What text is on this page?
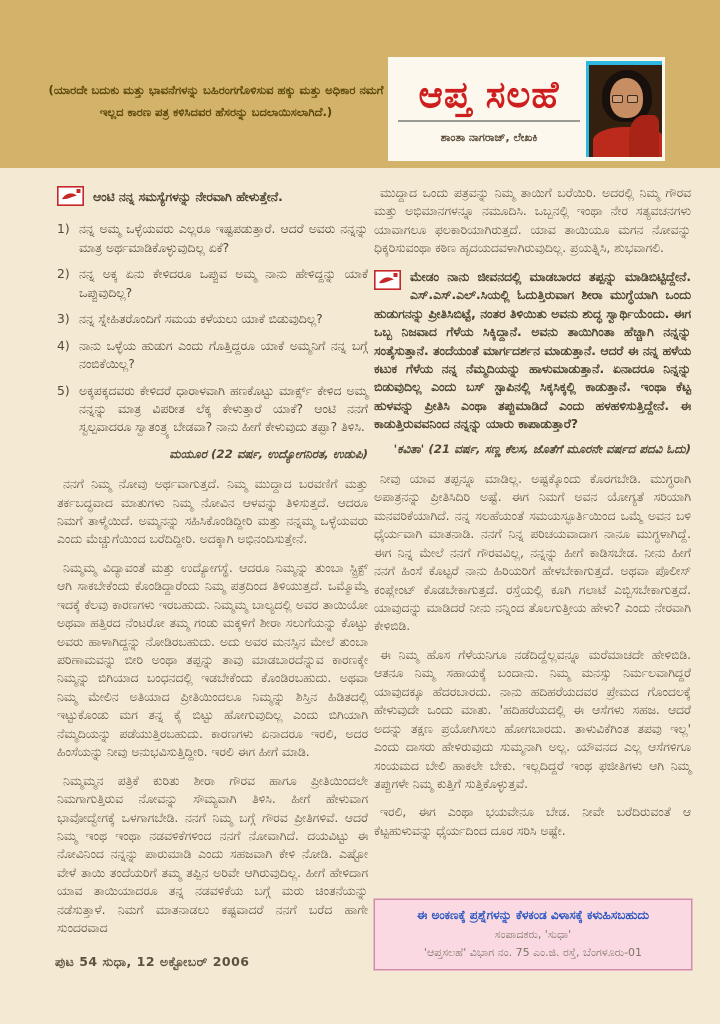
(ಯಾರದೇ ಬದುಕು ಮತ್ತು ಭಾವನೆಗಳನ್ನು ಬಹಿರಂಗಗೊಳಿಸುವ ಹಕ್ಕು ಮತ್ತು ಅಧಿಕಾರ ನಮಗೆ ಇಲ್ಲದ ಕಾರಣ ಪತ್ರ ಕಳಿಸಿದವರ ಹೆಸರನ್ನು ಬದಲಾಯಿಸಲಾಗಿದೆ.)	ಆಪ್ತ ಸಲಹೆ
ಶಾಂತಾ ನಾಗರಾಜ್, ಲೇಖಕಿ
ಆಂಟಿ ನನ್ನ ಸಮಸ್ಯೆಗಳನ್ನು ನೇರವಾಗಿ ಹೇಳುತ್ತೇನೆ.
1) ನನ್ನ ಅಮ್ಮ ಒಳ್ಳೆಯವರು ಎಲ್ಲರೂ ಇಷ್ಟಪಡುತ್ತಾರೆ. ಆದರೆ ಅವರು ನನ್ನನ್ನು ಮಾತ್ರ ಅರ್ಥಮಾಡಿಕೊಳ್ಳುವುದಿಲ್ಲ ಏಕೆ?
2) ನನ್ನ ಅಕ್ಕ ಏನು ಕೇಳಿದರೂ ಒಪ್ಪುವ ಅಮ್ಮ ನಾನು ಹೇಳಿದ್ದನ್ನು ಯಾಕೆ ಒಪ್ಪುವುದಿಲ್ಲ?
3) ನನ್ನ ಸ್ನೇಹಿತರೊಂದಿಗೆ ಸಮಯ ಕಳೆಯಲು ಯಾಕೆ ಬಿಡುವುದಿಲ್ಲ?
4) ನಾನು ಒಳ್ಳೆಯ ಹುಡುಗ ಎಂದು ಗೊತ್ತಿದ್ದರೂ ಯಾಕೆ ಅಮ್ಮನಿಗೆ ನನ್ನ ಬಗ್ಗೆ ನಂಬಿಕೆಯಿಲ್ಲ?
5) ಅಕ್ಕಪಕ್ಕದವರು ಕೇಳಿದರೆ ಧಾರಾಳವಾಗಿ ಹಣಕೊಟ್ಟು ಮಾರ್ಕ್ಸ್ ಕೇಳಿದ ಅಮ್ಮ ನನ್ನನ್ನು ಮಾತ್ರ ವಿಪರೀತ ಲೆಕ್ಕ ಕೇಳುತ್ತಾರೆ ಯಾಕೆ? ಆಂಟಿ ನನಗೆ ಸ್ವಲ್ಪವಾದರೂ ಸ್ವಾತಂತ್ರ್ಯ ಬೇಡವಾ? ನಾನು ಹೀಗೆ ಕೇಳುವುದು ತಪ್ಪಾ? ತಿಳಿಸಿ.
ಮಯೂರ (22 ವರ್ಷ, ಉದ್ಯೋಗನಿರತ, ಉಡುಪಿ)

ನನಗೆ ನಿಮ್ಮ ನೋವು ಅರ್ಥವಾಗುತ್ತದೆ. ನಿಮ್ಮ ಮುದ್ದಾದ ಬರವಣಿಗೆ ಮತ್ತು ತರ್ಕಬದ್ಧವಾದ ಮಾತುಗಳು ನಿಮ್ಮ ನೋವಿನ ಆಳವನ್ನು ತಿಳಿಸುತ್ತದೆ. ಆದರೂ ನಿಮಗೆ ತಾಳ್ಮೆಯಿದೆ. ಅಮ್ಮನನ್ನು ಸಹಿಸಿಕೊಂಡಿದ್ದೀರಿ ಮತ್ತು ನನ್ನಮ್ಮ ಒಳ್ಳೆಯವರು ಎಂದು ಮೆಚ್ಚುಗೆಯಿಂದ ಬರೆದಿದ್ದೀರಿ. ಅದಕ್ಕಾಗಿ ಅಭಿನಂದಿಸುತ್ತೇನೆ.

ನಿಮ್ಮಮ್ಮ ವಿದ್ಯಾವಂತೆ ಮತ್ತು ಉದ್ಯೋಗಸ್ಥೆ. ಆದರೂ ನಿಮ್ಮನ್ನು ತುಂಬಾ ಸ್ಟ್ರಿಕ್ಟ್ ಆಗಿ ಸಾಕಬೇಕೆಂದು ಕೊಂಡಿದ್ದಾರೆಂದು ನಿಮ್ಮ ಪತ್ರದಿಂದ ತಿಳಿಯುತ್ತದೆ. ಒಮ್ಮೊಮ್ಮೆ ಇದಕ್ಕೆ ಕೆಲವು ಕಾರಣಗಳು ಇರಬಹುದು. ನಿಮ್ಮಮ್ಮ ಬಾಲ್ಯದಲ್ಲಿ ಅವರ ತಾಯಿಯೋ ಅಥವಾ ಹತ್ತಿರದ ನೆಂಟರೋ ತಮ್ಮ ಗಂಡು ಮಕ್ಕಳಿಗೆ ಶೀರಾ ಸಲುಗೆಯನ್ನು ಕೊಟ್ಟು ಅವರು ಹಾಳಾಗಿದ್ದನ್ನು ನೋಡಿರಬಹುದು. ಅದು ಅವರ ಮನಸ್ಸಿನ ಮೇಲೆ ತುಂಬಾ ಪರಿಣಾಮವನ್ನು ಬೀರಿ ಅಂಥಾ ತಪ್ಪನ್ನು ತಾವು ಮಾಡಬಾರದೆನ್ನುವ ಕಾರಣಕ್ಕೇ ನಿಮ್ಮನ್ನು ಬಿಗಿಯಾದ ಬಂಧನದಲ್ಲಿ ಇಡಬೇಕೆಂದು ಕೊಂಡಿರಬಹುದು. ಅಥವಾ ನಿಮ್ಮ ಮೇಲಿನ ಅತಿಯಾದ ಪ್ರೀತಿಯಿಂದಲೂ ನಿಮ್ಮನ್ನು ಶಿಸ್ತಿನ ಹಿಡಿತದಲ್ಲಿ ಇಟ್ಟುಕೊಂಡು ಮಗ ತನ್ನ ಕೈ ಬಿಟ್ಟು ಹೋಗುವುದಿಲ್ಲ ಎಂದು ಬಿಗಿಯಾಗಿ ನೆಮ್ಮದಿಯನ್ನು ಪಡೆಯುತ್ತಿರಬಹುದು. ಕಾರಣಗಳು ಏನಾದರೂ ಇರಲಿ, ಅದರ ಹಿಂಸೆಯನ್ನು ನೀವು ಅನುಭವಿಸುತ್ತಿದ್ದೀರಿ. ಇರಲಿ ಈಗ ಹೀಗೆ ಮಾಡಿ.

ನಿಮ್ಮಮ್ಮನ ಪತ್ರಿಕೆ ಕುರಿತು ಶೀರಾ ಗೌರವ ಹಾಗೂ ಪ್ರೀತಿಯಿಂದಲೇ ನಿಮಗಾಗುತ್ತಿರುವ ನೋವನ್ನು ಸೌಮ್ಯವಾಗಿ ತಿಳಿಸಿ. ಹೀಗೆ ಹೇಳುವಾಗ ಭಾವೋದ್ವೇಗಕ್ಕೆ ಒಳಗಾಗಬೇಡಿ. ನನಗೆ ನಿಮ್ಮ ಬಗ್ಗೆ ಗೌರವ ಪ್ರೀತಿಗಳಿವೆ. ಆದರೆ ನಿಮ್ಮ ಇಂಥ ಇಂಥಾ ನಡವಳಿಕೆಗಳಿಂದ ನನಗೆ ನೋವಾಗಿದೆ. ದಯವಿಟ್ಟು ಈ ನೋವಿನಿಂದ ನನ್ನನ್ನು ಪಾರುಮಾಡಿ ಎಂದು ಸಹಜವಾಗಿ ಕೇಳಿ ನೋಡಿ. ಎಷ್ಟೋ ವೇಳೆ ತಾಯಿ ತಂದೆಯರಿಗೆ ತಮ್ಮ ತಪ್ಪಿನ ಅರಿವೇ ಆಗಿರುವುದಿಲ್ಲ. ಹೀಗೆ ಹೇಳಿದಾಗ ಯಾವ ತಾಯಿಯಾದರೂ ತನ್ನ ನಡವಳಿಕೆಯ ಬಗ್ಗೆ ಮರು ಚಿಂತನೆಯನ್ನು ನಡೆಸುತ್ತಾಳೆ. ನಿಮಗೆ ಮಾತನಾಡಲು ಕಷ್ಟವಾದರೆ ನನಗೆ ಬರೆದ ಹಾಗೇ ಸುಂದರವಾದ

ಮುದ್ದಾದ ಒಂದು ಪತ್ರವನ್ನು ನಿಮ್ಮ ತಾಯಿಗೆ ಬರೆಯಿರಿ. ಅದರಲ್ಲಿ ನಿಮ್ಮ ಗೌರವ ಮತ್ತು ಅಭಿಮಾನಗಳನ್ನೂ ನಮೂದಿಸಿ. ಒಬ್ಬನಲ್ಲಿ ಇಂಥಾ ನೇರ ಸತ್ಯವಚನಗಳು ಯಾವಾಗಲೂ ಫಲಕಾರಿಯಾಗಿರುತ್ತದೆ. ಯಾವ ತಾಯಿಯೂ ಮಗನ ನೋವನ್ನು ಧಿಕ್ಕರಿಸುವಂಥಾ ಕಠಿಣ ಹೃದಯದವಳಾಗಿರುವುದಿಲ್ಲ. ಪ್ರಯತ್ನಿಸಿ, ಶುಭವಾಗಲಿ.

ಮೇಡಂ ನಾನು ಜೀವನದಲ್ಲಿ ಮಾಡಬಾರದ ತಪ್ಪನ್ನು ಮಾಡಿಬಿಟ್ಟಿದ್ದೇನೆ. ಎಸ್.ಎಸ್.ಎಲ್.ಸಿಯಲ್ಲಿ ಓದುತ್ತಿರುವಾಗ ಶೀರಾ ಮುಗ್ಧೆಯಾಗಿ ಒಂದು ಹುಡುಗನನ್ನು ಪ್ರೀತಿಸಿಬಿಟ್ಟೆ, ನಂತರ ತಿಳಿಯಿತು ಅವನು ಶುದ್ಧ ಸ್ವಾರ್ಥಿಯೆಂದು. ಈಗ ಒಬ್ಬ ನಿಜವಾದ ಗೆಳೆಯ ಸಿಕ್ಕಿದ್ದಾನೆ. ಅವನು ತಾಯಿಗಿಂತಾ ಹೆಚ್ಚಾಗಿ ನನ್ನನ್ನು ಸಂತೈಸುತ್ತಾನೆ. ತಂದೆಯಂತೆ ಮಾರ್ಗದರ್ಶನ ಮಾಡುತ್ತಾನೆ. ಆದರೆ ಈ ನನ್ನ ಹಳೆಯ ಕಟುಕ ಗೆಳೆಯ ನನ್ನ ನೆಮ್ಮದಿಯನ್ನು ಹಾಳುಮಾಡುತ್ತಾನೆ. ಏನಾದರೂ ನಿನ್ನನ್ನು ಬಿಡುವುದಿಲ್ಲ ಎಂದು ಬಸ್ ಸ್ಟಾಪಿನಲ್ಲಿ ಸಿಕ್ಕಸಿಕ್ಕಲ್ಲಿ ಕಾಡುತ್ತಾನೆ. ಇಂಥಾ ಕೆಟ್ಟ ಹುಳವನ್ನು ಪ್ರೀತಿಸಿ ಎಂಥಾ ತಪ್ಪುಮಾಡಿದೆ ಎಂದು ಹಳಹಳಿಸುತ್ತಿದ್ದೇನೆ. ಈ ಕಾಡುತ್ತಿರುವವನಿಂದ ನನ್ನನ್ನು ಯಾರು ಕಾಪಾಡುತ್ತಾರೆ?
'ಕವಿತಾ' (21 ವರ್ಷ, ಸಣ್ಣ ಕೆಲಸ, ಜೊತೆಗೆ ಮೂರನೇ ವರ್ಷದ ಪದವಿ ಓದು)

ನೀವು ಯಾವ ತಪ್ಪನ್ನೂ ಮಾಡಿಲ್ಲ. ಅಷ್ಟಕ್ಕೊಂದು ಕೊರಗಬೇಡಿ. ಮುಗ್ಧರಾಗಿ ಅಪಾತ್ರನನ್ನು ಪ್ರೀತಿಸಿದಿರಿ ಅಷ್ಟೆ. ಈಗ ನಿಮಗೆ ಅವನ ಯೋಗ್ಯತೆ ಸರಿಯಾಗಿ ಮನವರಿಕೆಯಾಗಿದೆ. ನನ್ನ ಸಲಹೆಯಂತೆ ಸಮಯಸ್ಫೂರ್ತಿಯಿಂದ ಒಮ್ಮೆ ಅವನ ಬಳಿ ಧೈರ್ಯವಾಗಿ ಮಾತನಾಡಿ. ನನಗೆ ನಿನ್ನ ಪರಿಚಯವಾದಾಗ ನಾನೂ ಮುಗ್ಧಳಾಗಿದ್ದೆ. ಈಗ ನಿನ್ನ ಮೇಲೆ ನನಗೆ ಗೌರವವಿಲ್ಲ, ನನ್ನನ್ನು ಹೀಗೆ ಕಾಡಿಸಬೇಡ. ನೀನು ಹೀಗೆ ನನಗೆ ಹಿಂಸೆ ಕೊಟ್ಟರೆ ನಾನು ಹಿರಿಯರಿಗೆ ಹೇಳಬೇಕಾಗುತ್ತದೆ. ಅಥವಾ ಪೊಲೀಸ್ ಕಂಪ್ಲೇಂಟ್ ಕೊಡಬೇಕಾಗುತ್ತದೆ. ರಸ್ತೆಯಲ್ಲಿ ಕೂಗಿ ಗಲಾಟೆ ಎಬ್ಬಿಸಬೇಕಾಗುತ್ತದೆ. ಯಾವುದನ್ನು ಮಾಡಿದರೆ ನೀನು ನನ್ನಿಂದ ತೊಲಗುತ್ತೀಯ ಹೇಳು? ಎಂದು ನೇರವಾಗಿ ಕೇಳಿಬಿಡಿ.

ಈ ನಿಮ್ಮ ಹೊಸ ಗೆಳೆಯನಿಗೂ ನಡೆದಿದ್ದೆಲ್ಲವನ್ನೂ ಮರೆಮಾಚದೇ ಹೇಳಿಬಿಡಿ. ಆತನೂ ನಿಮ್ಮ ಸಹಾಯಕ್ಕೆ ಬಂದಾನು. ನಿಮ್ಮ ಮನಸ್ಸು ನಿರ್ಮಲವಾಗಿದ್ದರೆ ಯಾವುದಕ್ಕೂ ಹೆದರಬಾರದು. ನಾನು ಹದಿಹರೆಯದವರ ಪ್ರೇಮದ ಗೊಂದಲಕ್ಕೆ ಹೇಳುವುದೇ ಒಂದು ಮಾತು. 'ಹದಿಹರೆಯದಲ್ಲಿ ಈ ಆಸೆಗಳು ಸಹಜ. ಆದರೆ ಅದನ್ನು ತಕ್ಷಣ ಪ್ರಯೋಗಿಸಲು ಹೋಗಬಾರದು. ತಾಳುವಿಕೆಗಿಂತ ತಪವು ಇಲ್ಲ' ಎಂದು ದಾಸರು ಹೇಳಿರುವುದು ಸುಮ್ಮನಾಗಿ ಅಲ್ಲ. ಯೌವನದ ಎಲ್ಲ ಆಸೆಗಳಿಗೂ ಸಂಯಮದ ಬೇಲಿ ಹಾಕಲೇ ಬೇಕು. ಇಲ್ಲದಿದ್ದರೆ ಇಂಥ ಫಜೀತಿಗಳು ಆಗಿ ನಿಮ್ಮ ತಪ್ಪುಗಳೇ ನಿಮ್ಮ ಕುತ್ತಿಗೆ ಸುತ್ತಿಕೊಳ್ಳುತ್ತವೆ.

ಇರಲಿ, ಈಗ ಎಂಥಾ ಭಯವೇನೂ ಬೇಡ. ನೀವೇ ಬರೆದಿರುವಂತೆ ಆ ಕೆಟ್ಟಹುಳುವನ್ನು ಧೈರ್ಯದಿಂದ ದೂರ ಸರಿಸಿ ಅಷ್ಟೇ.

ಈ ಅಂಕಣಕ್ಕೆ ಪ್ರಶ್ನೆಗಳನ್ನು ಕೆಳಕಂಡ ವಿಳಾಸಕ್ಕೆ ಕಳುಹಿಸಬಹುದು
ಸಂಪಾದಕರು, 'ಸುಧಾ'
'ಆಪ್ತಸಲಹೆ' ವಿಭಾಗ ನಂ. 75 ಎಂ.ಜಿ. ರಸ್ತೆ, ಬೆಂಗಳೂರು-01
ಪುಟ 54 ಸುಧಾ, 12 ಅಕ್ಟೋಬರ್ 2006
